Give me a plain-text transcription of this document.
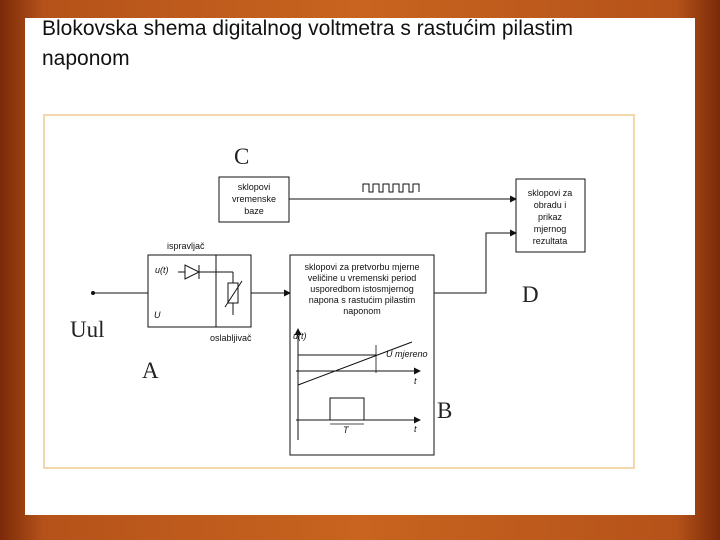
Blokovska shema digitalnog voltmetra s rastućim pilastim naponom
C
D
B
A
Uul
sklopovi
vremenske
baze
sklopovi za
obradu i
prikaz
mjernog
rezultata
ispravljač
u(t)
U
oslabljivač
sklopovi za pretvorbu mjerne
veličine u vremenski period
usporedbom istosmjernog
napona s rastućim pilastim
naponom
u(t)
t
U mjereno
t
T
